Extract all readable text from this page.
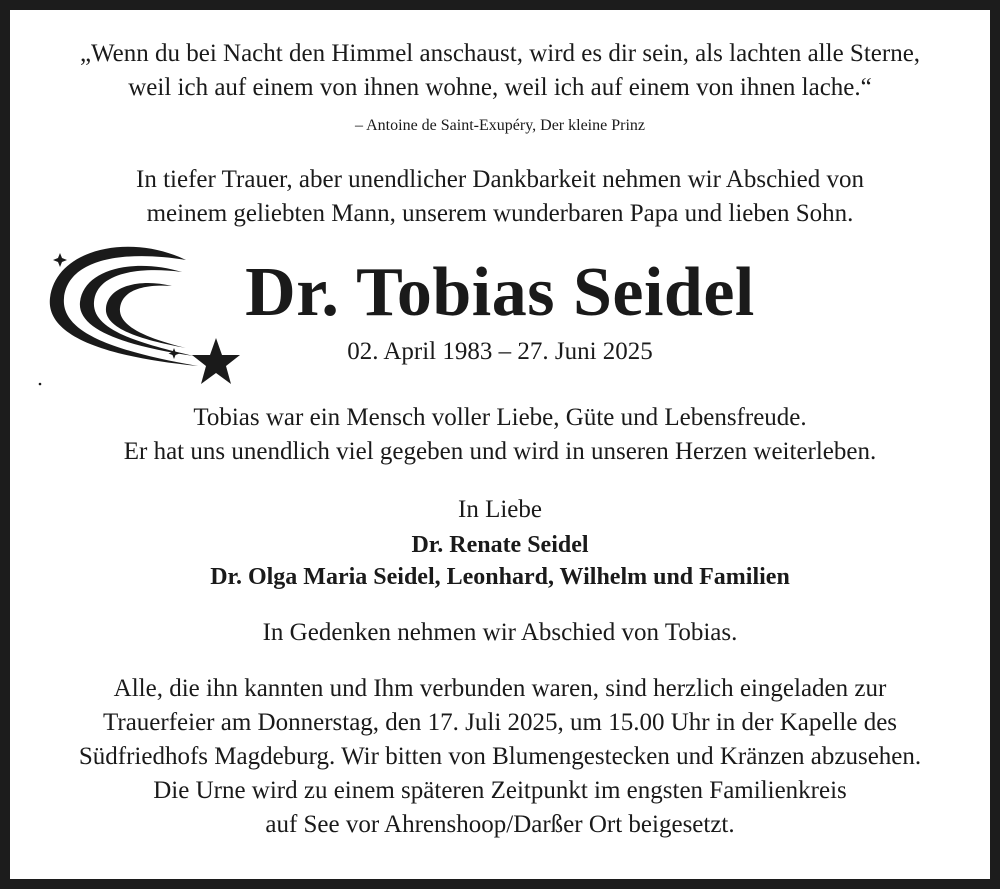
„Wenn du bei Nacht den Himmel anschaust, wird es dir sein, als lachten alle Sterne,
weil ich auf einem von ihnen wohne, weil ich auf einem von ihnen lache.“
– Antoine de Saint-Exupéry, Der kleine Prinz
In tiefer Trauer, aber unendlicher Dankbarkeit nehmen wir Abschied von
meinem geliebten Mann, unserem wunderbaren Papa und lieben Sohn.
Dr. Tobias Seidel
02. April 1983 – 27. Juni 2025
Tobias war ein Mensch voller Liebe, Güte und Lebensfreude.
Er hat uns unendlich viel gegeben und wird in unseren Herzen weiterleben.
In Liebe
Dr. Renate Seidel
Dr. Olga Maria Seidel, Leonhard, Wilhelm und Familien
In Gedenken nehmen wir Abschied von Tobias.
Alle, die ihn kannten und Ihm verbunden waren, sind herzlich eingeladen zur
Trauerfeier am Donnerstag, den 17. Juli 2025, um 15.00 Uhr in der Kapelle des
Südfriedhofs Magdeburg. Wir bitten von Blumengestecken und Kränzen abzusehen.
Die Urne wird zu einem späteren Zeitpunkt im engsten Familienkreis
auf See vor Ahrenshoop/Darßer Ort beigesetzt.
